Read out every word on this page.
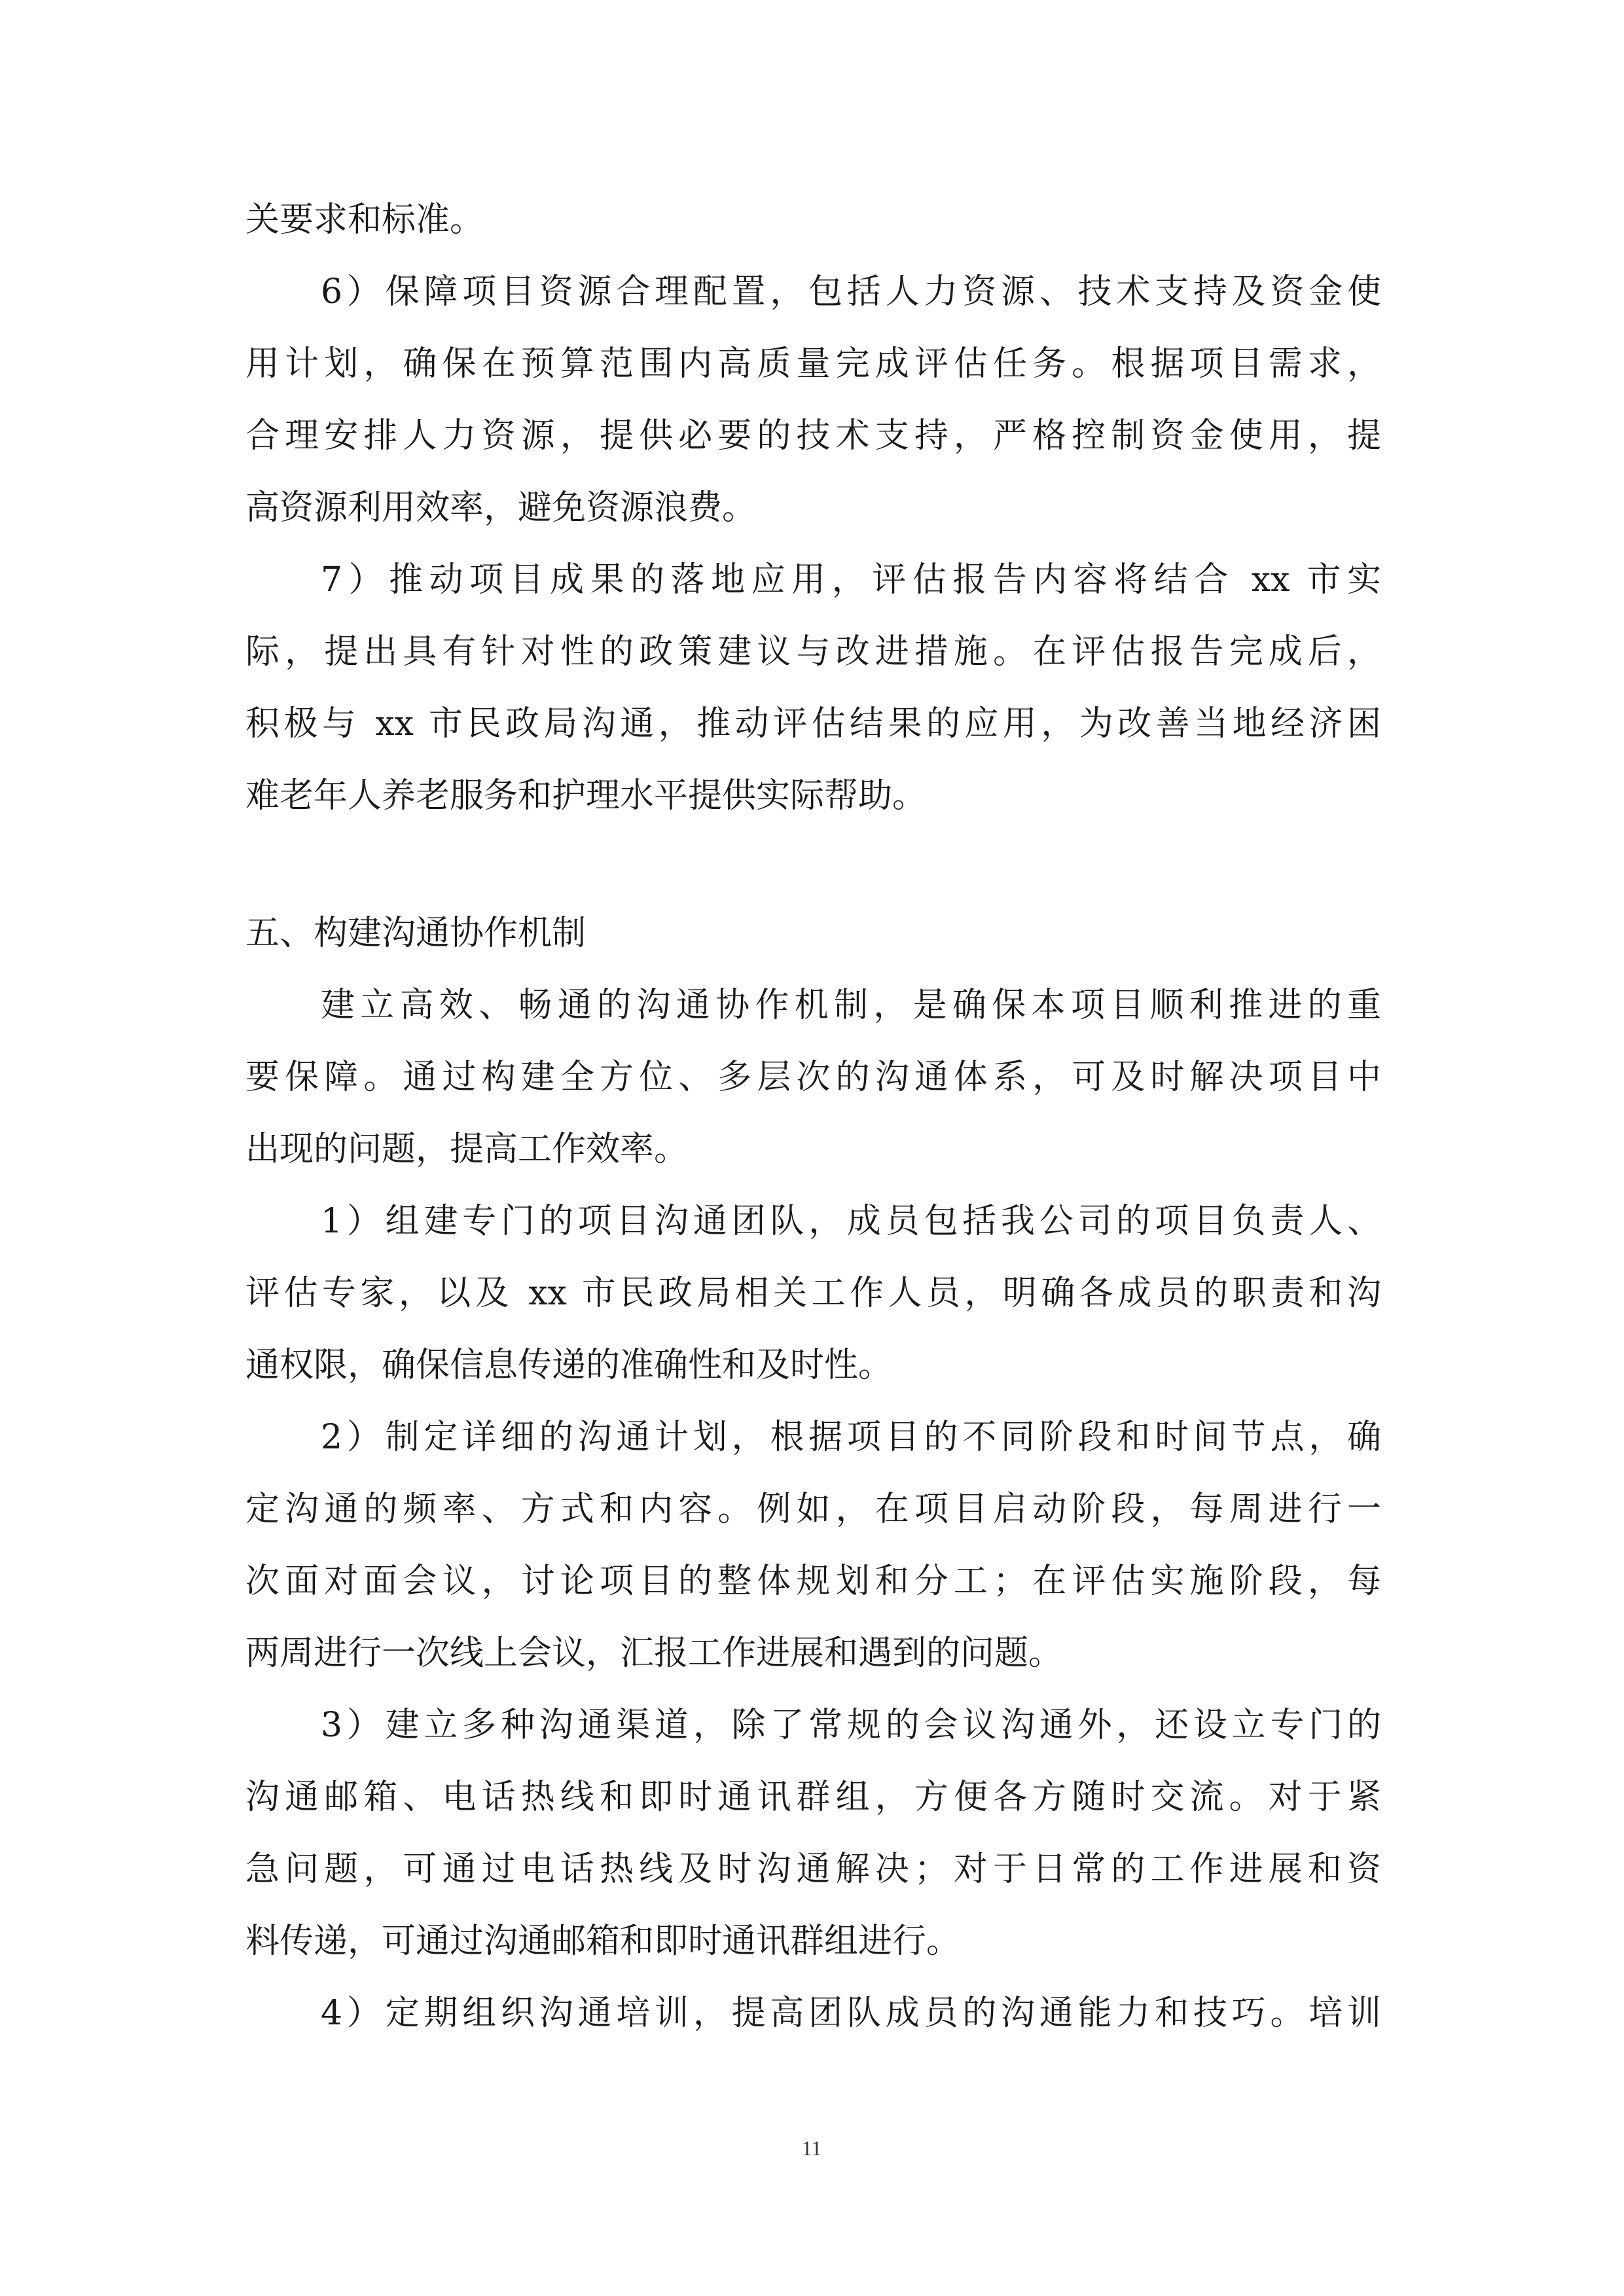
关要求和标准。
6）保障项目资源合理配置，包括人力资源、技术支持及资金使
用计划，确保在预算范围内高质量完成评估任务。根据项目需求，
合理安排人力资源，提供必要的技术支持，严格控制资金使用，提
高资源利用效率，避免资源浪费。
7）推动项目成果的落地应用，评估报告内容将结合 xx 市实
际，提出具有针对性的政策建议与改进措施。在评估报告完成后，
积极与 xx 市民政局沟通，推动评估结果的应用，为改善当地经济困
难老年人养老服务和护理水平提供实际帮助。
五、构建沟通协作机制
建立高效、畅通的沟通协作机制，是确保本项目顺利推进的重
要保障。通过构建全方位、多层次的沟通体系，可及时解决项目中
出现的问题，提高工作效率。
1）组建专门的项目沟通团队，成员包括我公司的项目负责人、
评估专家，以及 xx 市民政局相关工作人员，明确各成员的职责和沟
通权限，确保信息传递的准确性和及时性。
2）制定详细的沟通计划，根据项目的不同阶段和时间节点，确
定沟通的频率、方式和内容。例如，在项目启动阶段，每周进行一
次面对面会议，讨论项目的整体规划和分工；在评估实施阶段，每
两周进行一次线上会议，汇报工作进展和遇到的问题。
3）建立多种沟通渠道，除了常规的会议沟通外，还设立专门的
沟通邮箱、电话热线和即时通讯群组，方便各方随时交流。对于紧
急问题，可通过电话热线及时沟通解决；对于日常的工作进展和资
料传递，可通过沟通邮箱和即时通讯群组进行。
4）定期组织沟通培训，提高团队成员的沟通能力和技巧。培训
11
